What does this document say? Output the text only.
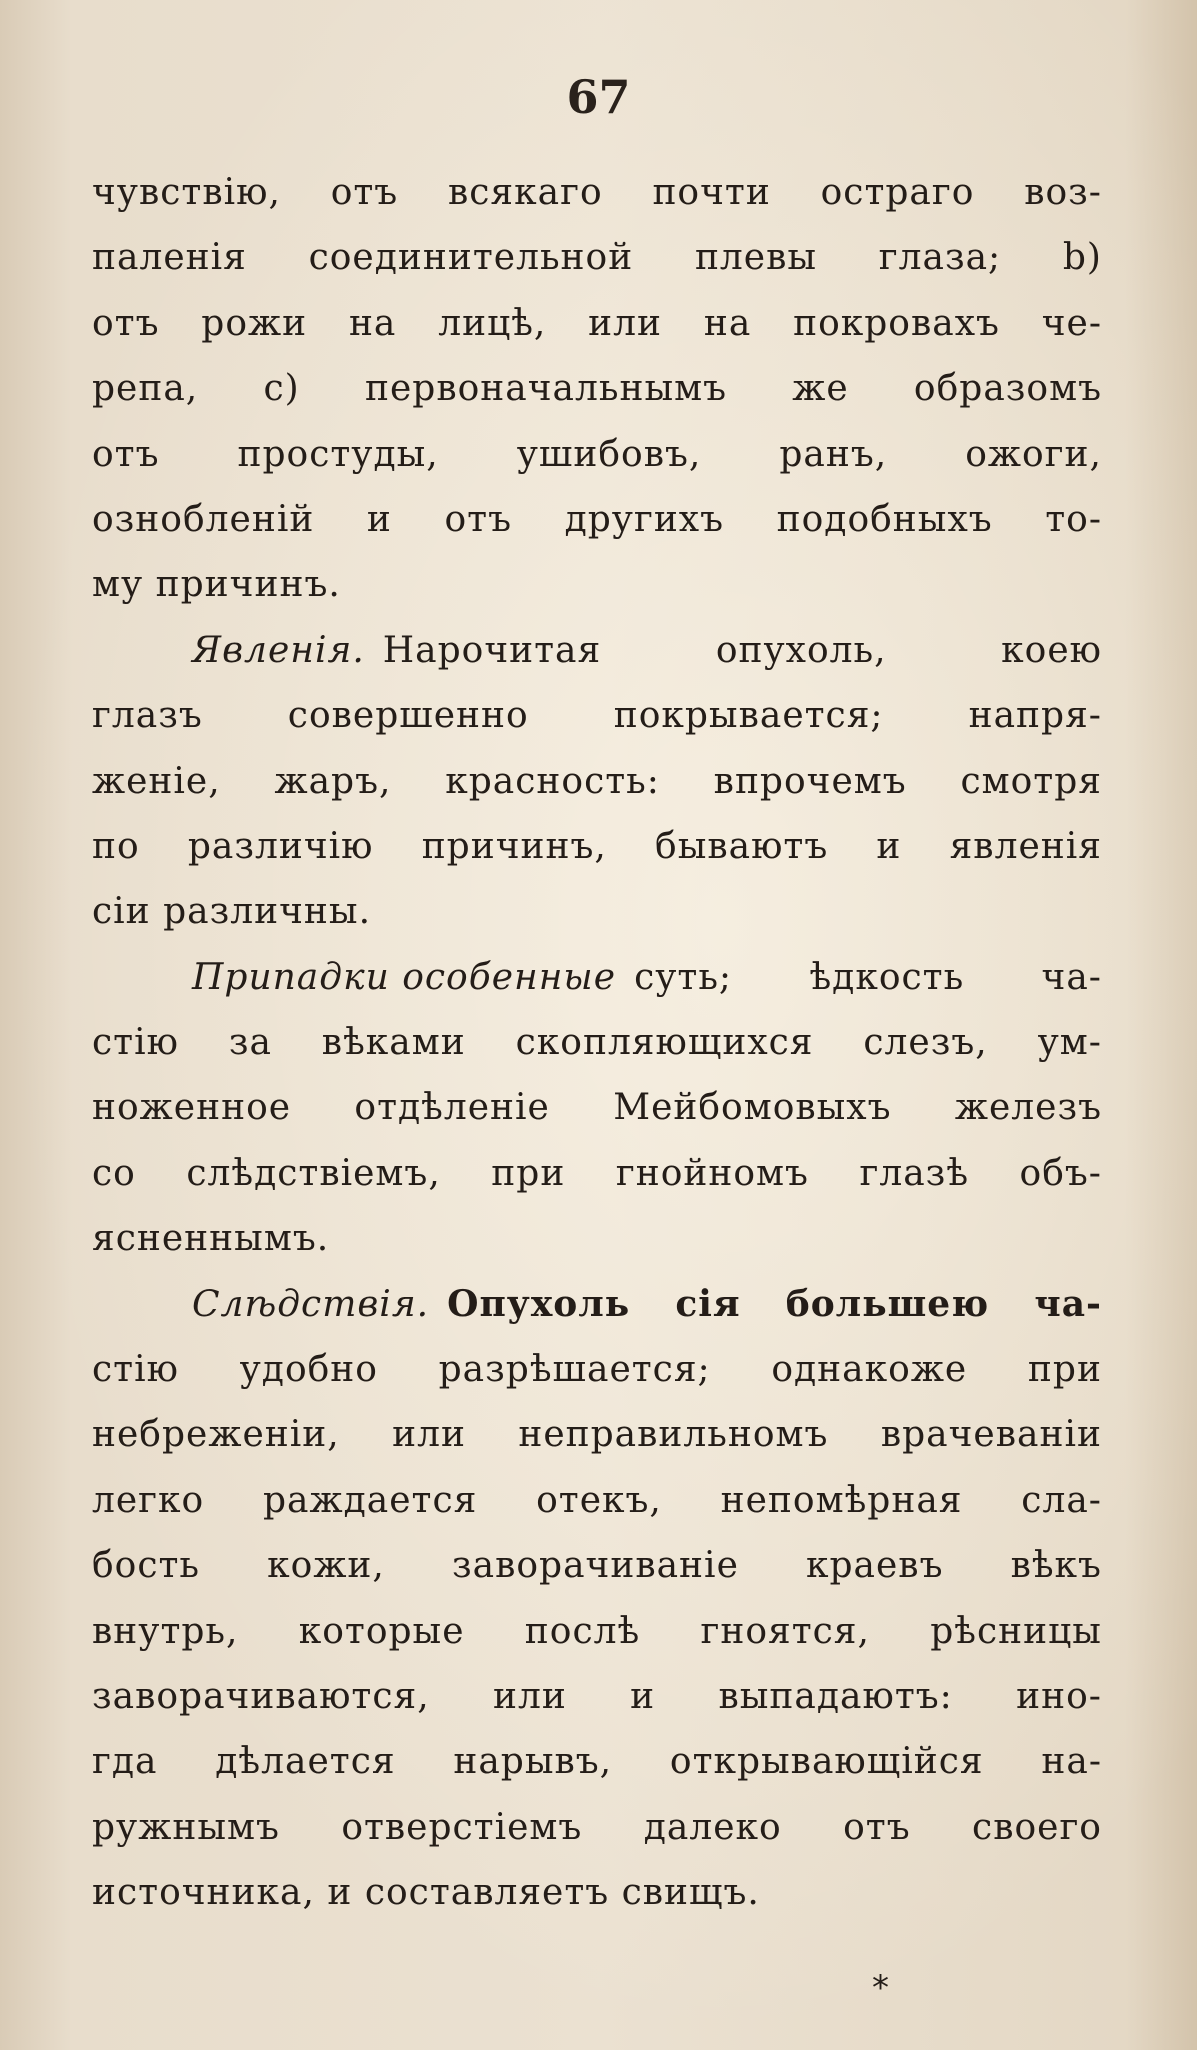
67

чувствію, отъ всякаго почти остраго воз-
паленія соединительной плевы глаза; b)
отъ рожи на лицѣ, или на покровахъ че-
репа, c) первоначальнымъ же образомъ
отъ простуды, ушибовъ, ранъ, ожоги,
ознобленій и отъ другихъ подобныхъ то-
му причинъ.
Явленія. Нарочитая	опухоль,	коею
глазъ совершенно покрывается; напря-
женіе, жаръ, красность: впрочемъ смотря
по различію причинъ, бываютъ и явленія
сіи различны.
Припадки особенные суть; ѣдкость ча-
стію за вѣками скопляющихся слезъ, ум-
ноженное отдѣленіе Мейбомовыхъ железъ
со слѣдствіемъ, при гнойномъ глазѣ объ-
ясненнымъ.
Слѣдствія. Опухоль сія большею ча-
стію удобно разрѣшается; однакоже при
небреженіи, или неправильномъ врачеваніи
легко раждается отекъ, непомѣрная сла-
бость кожи, заворачиваніе краевъ вѣкъ
внутрь, которые послѣ гноятся, рѣсницы
заворачиваются, или и выпадаютъ: ино-
гда дѣлается нарывъ, открывающійся на-
ружнымъ отверстіемъ далеко отъ своего
источника, и составляетъ свищъ.

*
